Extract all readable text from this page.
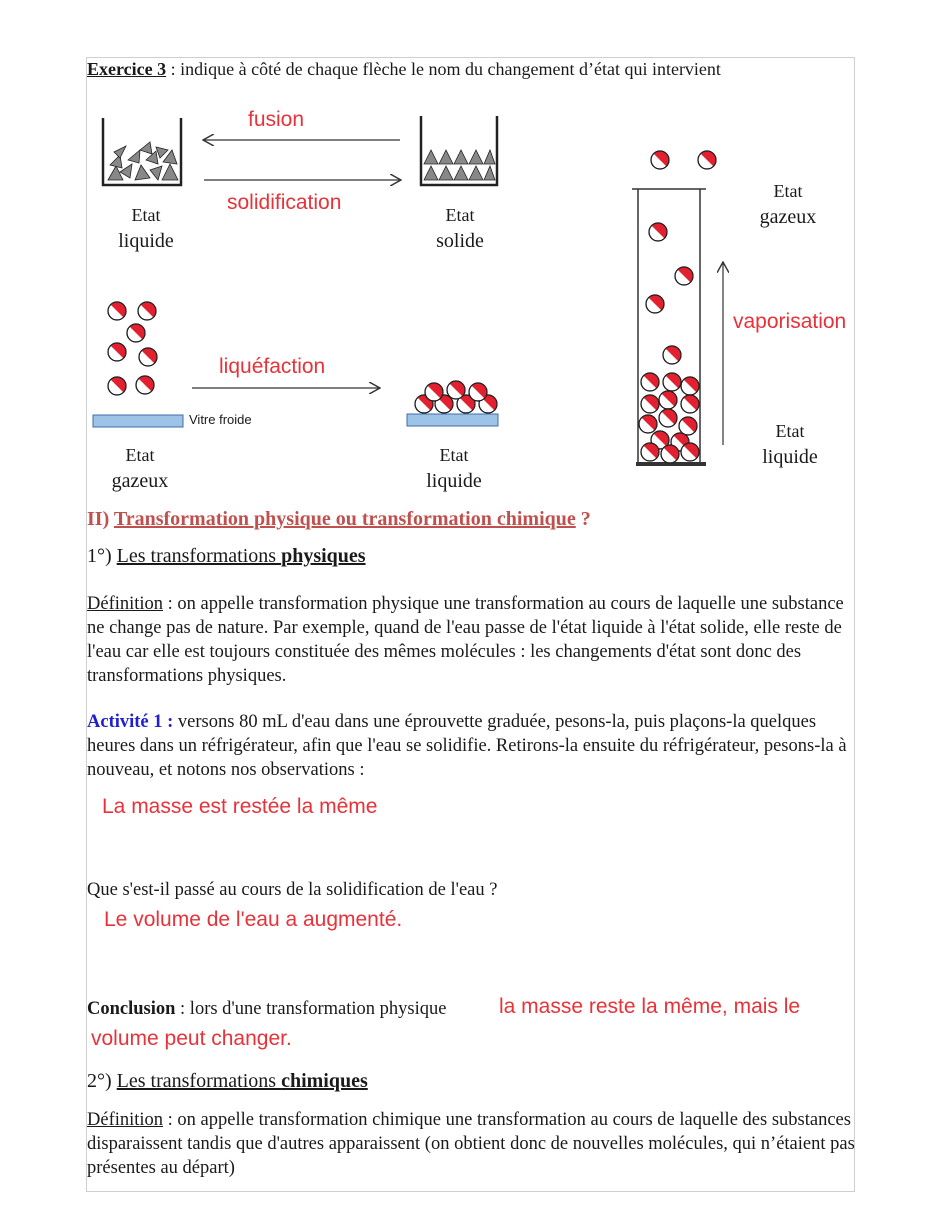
Exercice 3 : indique à côté de chaque flèche le nom du changement d’état qui intervient
fusion
solidification
liquéfaction
vaporisation
Etat
liquide
Etat
solide
Vitre froide
Etat
gazeux
Etat
liquide
Etat
gazeux
Etat
liquide
II) Transformation physique ou transformation chimique ?
1°) Les transformations physiques
Définition : on appelle transformation physique une transformation au cours de laquelle une substance ne change pas de nature. Par exemple, quand de l'eau passe de l'état liquide à l'état solide, elle reste de l'eau car elle est toujours constituée des mêmes molécules : les changements d'état sont donc des transformations physiques.
Activité 1 : versons 80 mL d'eau dans une éprouvette graduée, pesons-la, puis plaçons-la quelques heures dans un réfrigérateur, afin que l'eau se solidifie. Retirons-la ensuite du réfrigérateur, pesons-la à nouveau, et notons nos observations :
La masse est restée la même
Que s'est-il passé au cours de la solidification de l'eau ?
Le volume de l'eau a augmenté.
Conclusion : lors d'une transformation physique	la masse reste la même, mais le
volume peut changer.
2°) Les transformations chimiques
Définition : on appelle transformation chimique une transformation au cours de laquelle des substances disparaissent tandis que d'autres apparaissent (on obtient donc de nouvelles molécules, qui n’étaient pas présentes au départ)
